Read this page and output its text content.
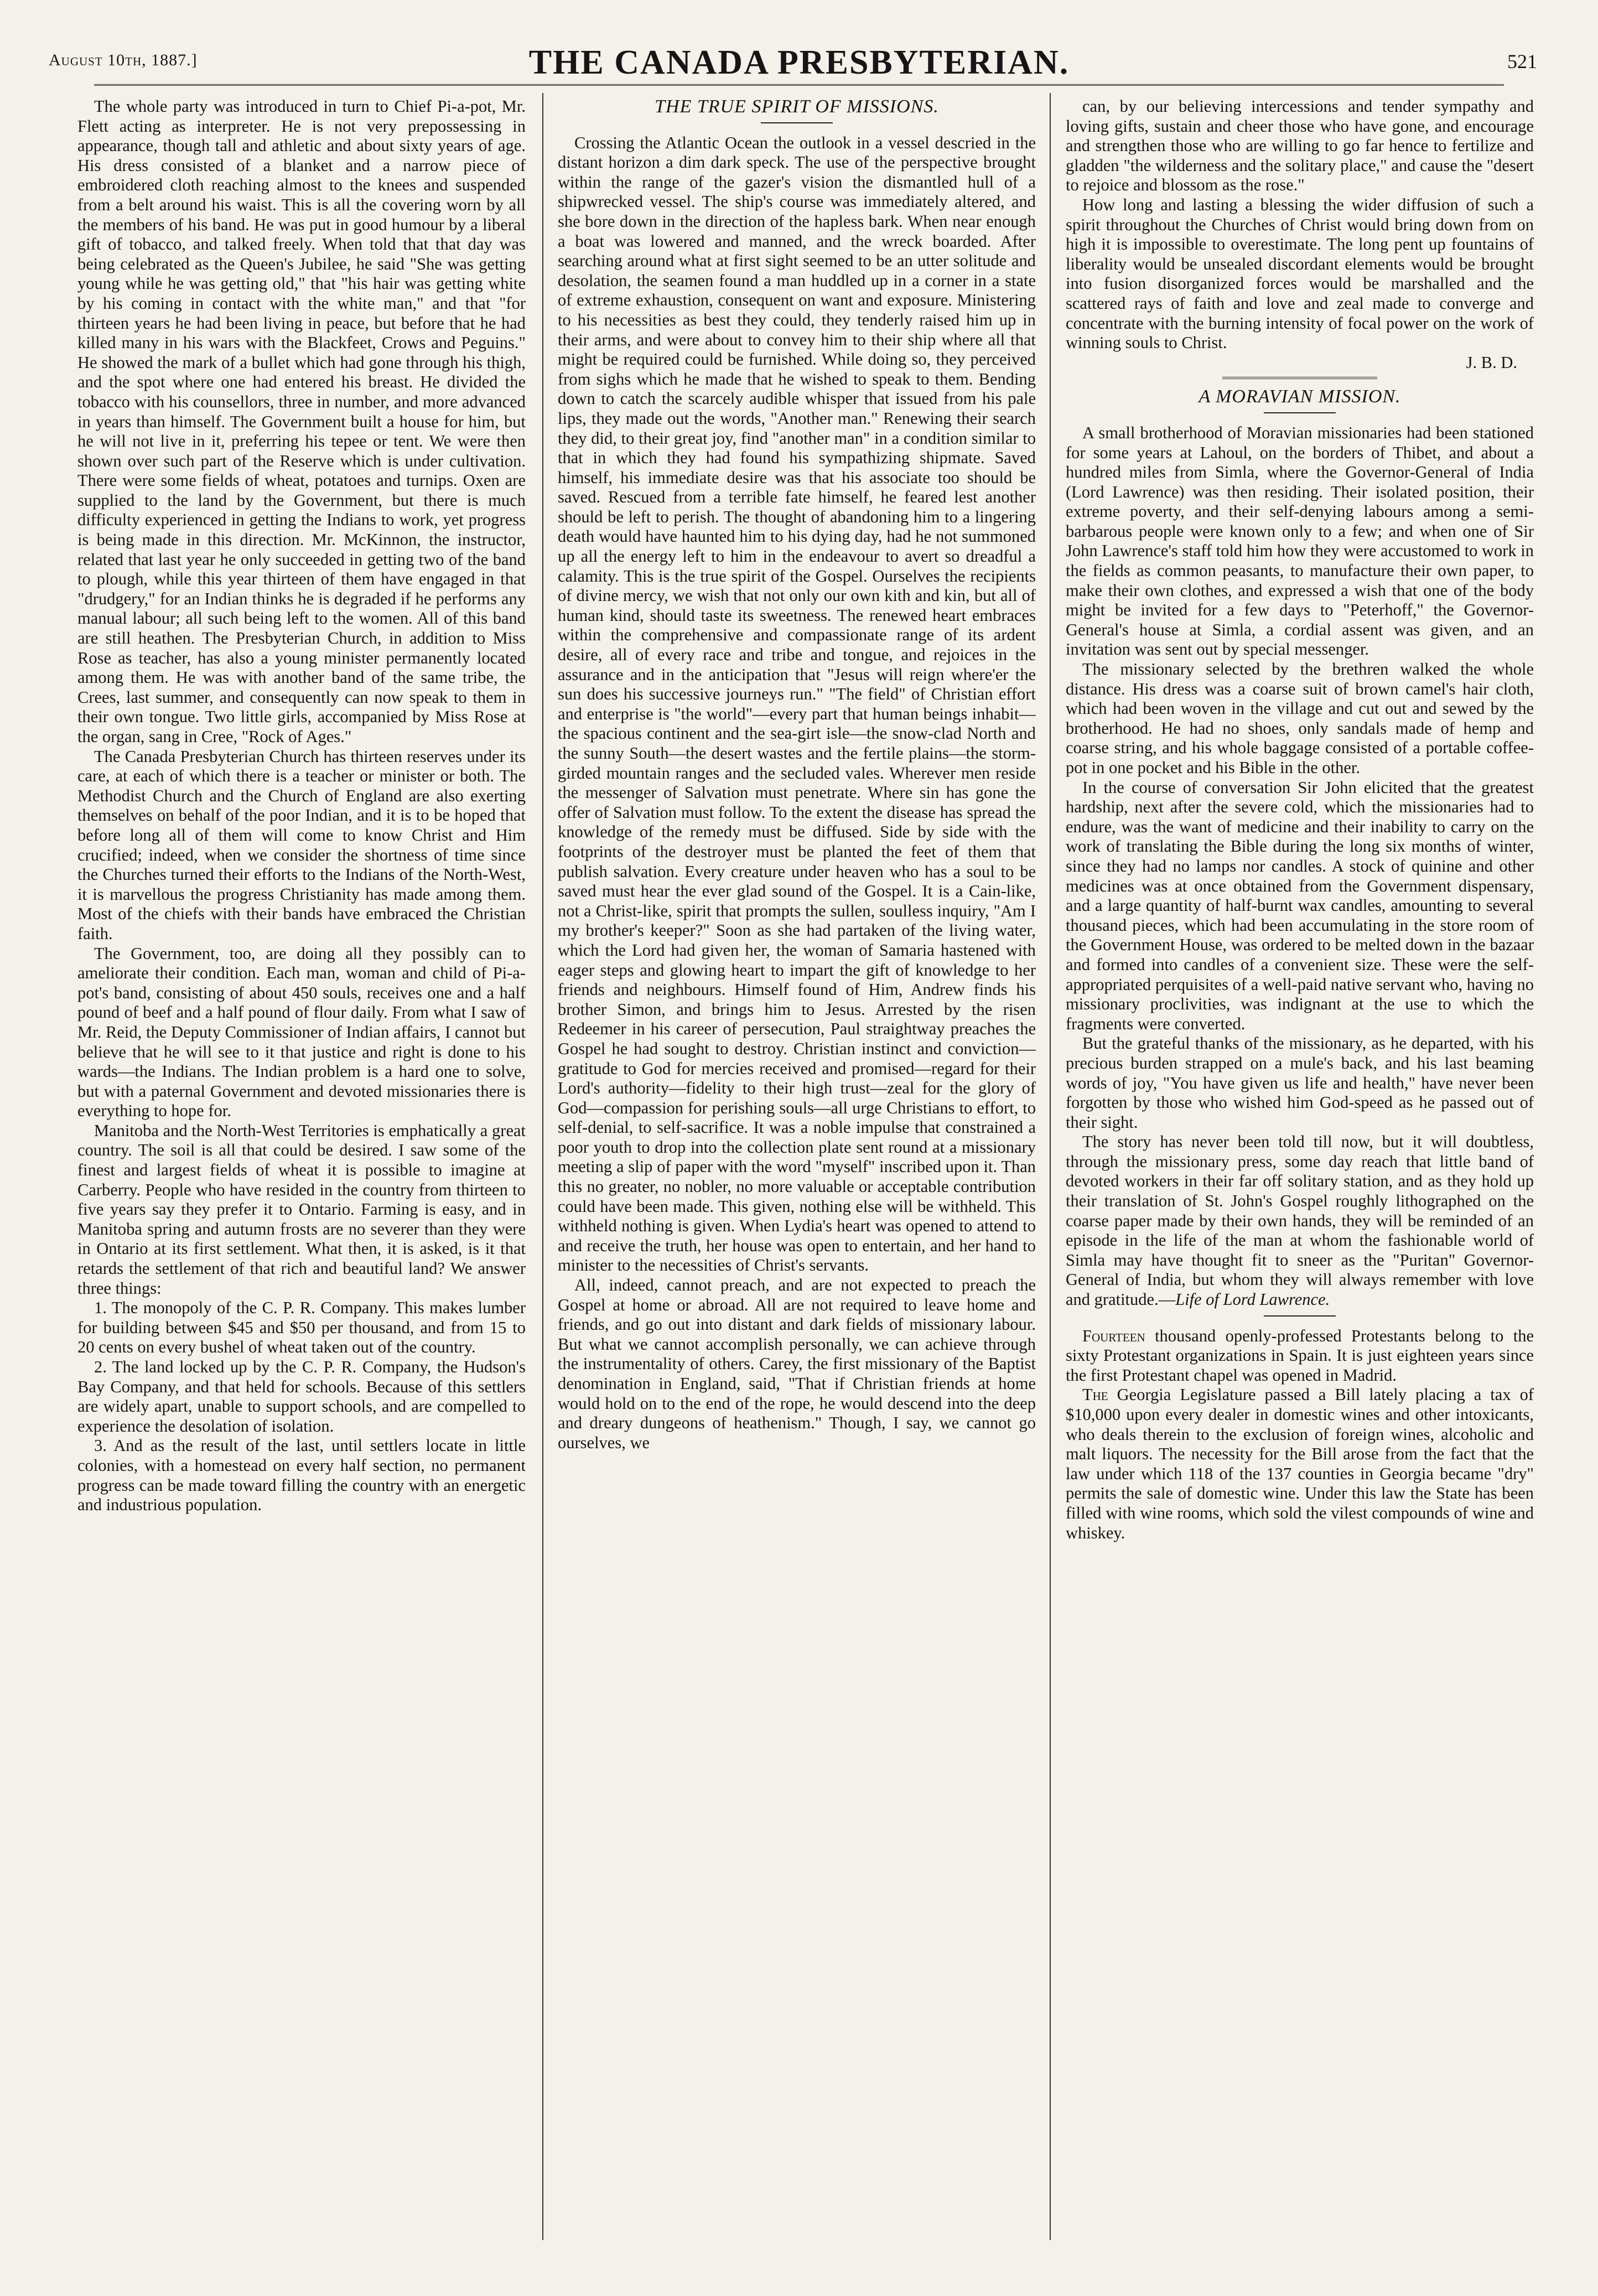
August 10th, 1887.]	THE CANADA PRESBYTERIAN.	521

The whole party was introduced in turn to Chief Pi-a-pot, Mr. Flett acting as interpreter. He is not very prepossessing in appearance, though tall and athletic and about sixty years of age. His dress consisted of a blanket and a narrow piece of embroidered cloth reaching almost to the knees and suspended from a belt around his waist. This is all the covering worn by all the members of his band. He was put in good humour by a liberal gift of tobacco, and talked freely. When told that that day was being celebrated as the Queen's Jubilee, he said "She was getting young while he was getting old," that "his hair was getting white by his coming in contact with the white man," and that "for thirteen years he had been living in peace, but before that he had killed many in his wars with the Blackfeet, Crows and Peguins." He showed the mark of a bullet which had gone through his thigh, and the spot where one had entered his breast. He divided the tobacco with his counsellors, three in number, and more advanced in years than himself. The Government built a house for him, but he will not live in it, preferring his tepee or tent. We were then shown over such part of the Reserve which is under cultivation. There were some fields of wheat, potatoes and turnips. Oxen are supplied to the land by the Government, but there is much difficulty experienced in getting the Indians to work, yet progress is being made in this direction. Mr. McKinnon, the instructor, related that last year he only succeeded in getting two of the band to plough, while this year thirteen of them have engaged in that "drudgery," for an Indian thinks he is degraded if he performs any manual labour; all such being left to the women. All of this band are still heathen. The Presbyterian Church, in addition to Miss Rose as teacher, has also a young minister permanently located among them. He was with another band of the same tribe, the Crees, last summer, and consequently can now speak to them in their own tongue. Two little girls, accompanied by Miss Rose at the organ, sang in Cree, "Rock of Ages."

The Canada Presbyterian Church has thirteen reserves under its care, at each of which there is a teacher or minister or both. The Methodist Church and the Church of England are also exerting themselves on behalf of the poor Indian, and it is to be hoped that before long all of them will come to know Christ and Him crucified; indeed, when we consider the shortness of time since the Churches turned their efforts to the Indians of the North-West, it is marvellous the progress Christianity has made among them. Most of the chiefs with their bands have embraced the Christian faith.

The Government, too, are doing all they possibly can to ameliorate their condition. Each man, woman and child of Pi-a-pot's band, consisting of about 450 souls, receives one and a half pound of beef and a half pound of flour daily. From what I saw of Mr. Reid, the Deputy Commissioner of Indian affairs, I cannot but believe that he will see to it that justice and right is done to his wards—the Indians. The Indian problem is a hard one to solve, but with a paternal Government and devoted missionaries there is everything to hope for.

Manitoba and the North-West Territories is emphatically a great country. The soil is all that could be desired. I saw some of the finest and largest fields of wheat it is possible to imagine at Carberry. People who have resided in the country from thirteen to five years say they prefer it to Ontario. Farming is easy, and in Manitoba spring and autumn frosts are no severer than they were in Ontario at its first settlement. What then, it is asked, is it that retards the settlement of that rich and beautiful land? We answer three things:

1. The monopoly of the C. P. R. Company. This makes lumber for building between $45 and $50 per thousand, and from 15 to 20 cents on every bushel of wheat taken out of the country.

2. The land locked up by the C. P. R. Company, the Hudson's Bay Company, and that held for schools. Because of this settlers are widely apart, unable to support schools, and are compelled to experience the desolation of isolation.

3. And as the result of the last, until settlers locate in little colonies, with a homestead on every half section, no permanent progress can be made toward filling the country with an energetic and industrious population.

THE TRUE SPIRIT OF MISSIONS.

Crossing the Atlantic Ocean the outlook in a vessel descried in the distant horizon a dim dark speck. The use of the perspective brought within the range of the gazer's vision the dismantled hull of a shipwrecked vessel. The ship's course was immediately altered, and she bore down in the direction of the hapless bark. When near enough a boat was lowered and manned, and the wreck boarded. After searching around what at first sight seemed to be an utter solitude and desolation, the seamen found a man huddled up in a corner in a state of extreme exhaustion, consequent on want and exposure. Ministering to his necessities as best they could, they tenderly raised him up in their arms, and were about to convey him to their ship where all that might be required could be furnished. While doing so, they perceived from sighs which he made that he wished to speak to them. Bending down to catch the scarcely audible whisper that issued from his pale lips, they made out the words, "Another man." Renewing their search they did, to their great joy, find "another man" in a condition similar to that in which they had found his sympathizing shipmate. Saved himself, his immediate desire was that his associate too should be saved. Rescued from a terrible fate himself, he feared lest another should be left to perish. The thought of abandoning him to a lingering death would have haunted him to his dying day, had he not summoned up all the energy left to him in the endeavour to avert so dreadful a calamity. This is the true spirit of the Gospel. Ourselves the recipients of divine mercy, we wish that not only our own kith and kin, but all of human kind, should taste its sweetness. The renewed heart embraces within the comprehensive and compassionate range of its ardent desire, all of every race and tribe and tongue, and rejoices in the assurance and in the anticipation that "Jesus will reign where'er the sun does his successive journeys run." "The field" of Christian effort and enterprise is "the world"—every part that human beings inhabit—the spacious continent and the sea-girt isle—the snow-clad North and the sunny South—the desert wastes and the fertile plains—the storm-girded mountain ranges and the secluded vales. Wherever men reside the messenger of Salvation must penetrate. Where sin has gone the offer of Salvation must follow. To the extent the disease has spread the knowledge of the remedy must be diffused. Side by side with the footprints of the destroyer must be planted the feet of them that publish salvation. Every creature under heaven who has a soul to be saved must hear the ever glad sound of the Gospel. It is a Cain-like, not a Christ-like, spirit that prompts the sullen, soulless inquiry, "Am I my brother's keeper?" Soon as she had partaken of the living water, which the Lord had given her, the woman of Samaria hastened with eager steps and glowing heart to impart the gift of knowledge to her friends and neighbours. Himself found of Him, Andrew finds his brother Simon, and brings him to Jesus. Arrested by the risen Redeemer in his career of persecution, Paul straightway preaches the Gospel he had sought to destroy. Christian instinct and conviction—gratitude to God for mercies received and promised—regard for their Lord's authority—fidelity to their high trust—zeal for the glory of God—compassion for perishing souls—all urge Christians to effort, to self-denial, to self-sacrifice. It was a noble impulse that constrained a poor youth to drop into the collection plate sent round at a missionary meeting a slip of paper with the word "myself" inscribed upon it. Than this no greater, no nobler, no more valuable or acceptable contribution could have been made. This given, nothing else will be withheld. This withheld nothing is given. When Lydia's heart was opened to attend to and receive the truth, her house was open to entertain, and her hand to minister to the necessities of Christ's servants.

All, indeed, cannot preach, and are not expected to preach the Gospel at home or abroad. All are not required to leave home and friends, and go out into distant and dark fields of missionary labour. But what we cannot accomplish personally, we can achieve through the instrumentality of others. Carey, the first missionary of the Baptist denomination in England, said, "That if Christian friends at home would hold on to the end of the rope, he would descend into the deep and dreary dungeons of heathenism." Though, I say, we cannot go ourselves, we

can, by our believing intercessions and tender sympathy and loving gifts, sustain and cheer those who have gone, and encourage and strengthen those who are willing to go far hence to fertilize and gladden "the wilderness and the solitary place," and cause the "desert to rejoice and blossom as the rose."

How long and lasting a blessing the wider diffusion of such a spirit throughout the Churches of Christ would bring down from on high it is impossible to overestimate. The long pent up fountains of liberality would be unsealed discordant elements would be brought into fusion disorganized forces would be marshalled and the scattered rays of faith and love and zeal made to converge and concentrate with the burning intensity of focal power on the work of winning souls to Christ.

J. B. D.

A MORAVIAN MISSION.

A small brotherhood of Moravian missionaries had been stationed for some years at Lahoul, on the borders of Thibet, and about a hundred miles from Simla, where the Governor-General of India (Lord Lawrence) was then residing. Their isolated position, their extreme poverty, and their self-denying labours among a semi-barbarous people were known only to a few; and when one of Sir John Lawrence's staff told him how they were accustomed to work in the fields as common peasants, to manufacture their own paper, to make their own clothes, and expressed a wish that one of the body might be invited for a few days to "Peterhoff," the Governor-General's house at Simla, a cordial assent was given, and an invitation was sent out by special messenger.

The missionary selected by the brethren walked the whole distance. His dress was a coarse suit of brown camel's hair cloth, which had been woven in the village and cut out and sewed by the brotherhood. He had no shoes, only sandals made of hemp and coarse string, and his whole baggage consisted of a portable coffee-pot in one pocket and his Bible in the other.

In the course of conversation Sir John elicited that the greatest hardship, next after the severe cold, which the missionaries had to endure, was the want of medicine and their inability to carry on the work of translating the Bible during the long six months of winter, since they had no lamps nor candles. A stock of quinine and other medicines was at once obtained from the Government dispensary, and a large quantity of half-burnt wax candles, amounting to several thousand pieces, which had been accumulating in the store room of the Government House, was ordered to be melted down in the bazaar and formed into candles of a convenient size. These were the self-appropriated perquisites of a well-paid native servant who, having no missionary proclivities, was indignant at the use to which the fragments were converted.

But the grateful thanks of the missionary, as he departed, with his precious burden strapped on a mule's back, and his last beaming words of joy, "You have given us life and health," have never been forgotten by those who wished him God-speed as he passed out of their sight.

The story has never been told till now, but it will doubtless, through the missionary press, some day reach that little band of devoted workers in their far off solitary station, and as they hold up their translation of St. John's Gospel roughly lithographed on the coarse paper made by their own hands, they will be reminded of an episode in the life of the man at whom the fashionable world of Simla may have thought fit to sneer as the "Puritan" Governor-General of India, but whom they will always remember with love and gratitude.—Life of Lord Lawrence.

Fourteen thousand openly-professed Protestants belong to the sixty Protestant organizations in Spain. It is just eighteen years since the first Protestant chapel was opened in Madrid.

The Georgia Legislature passed a Bill lately placing a tax of $10,000 upon every dealer in domestic wines and other intoxicants, who deals therein to the exclusion of foreign wines, alcoholic and malt liquors. The necessity for the Bill arose from the fact that the law under which 118 of the 137 counties in Georgia became "dry" permits the sale of domestic wine. Under this law the State has been filled with wine rooms, which sold the vilest compounds of wine and whiskey.
